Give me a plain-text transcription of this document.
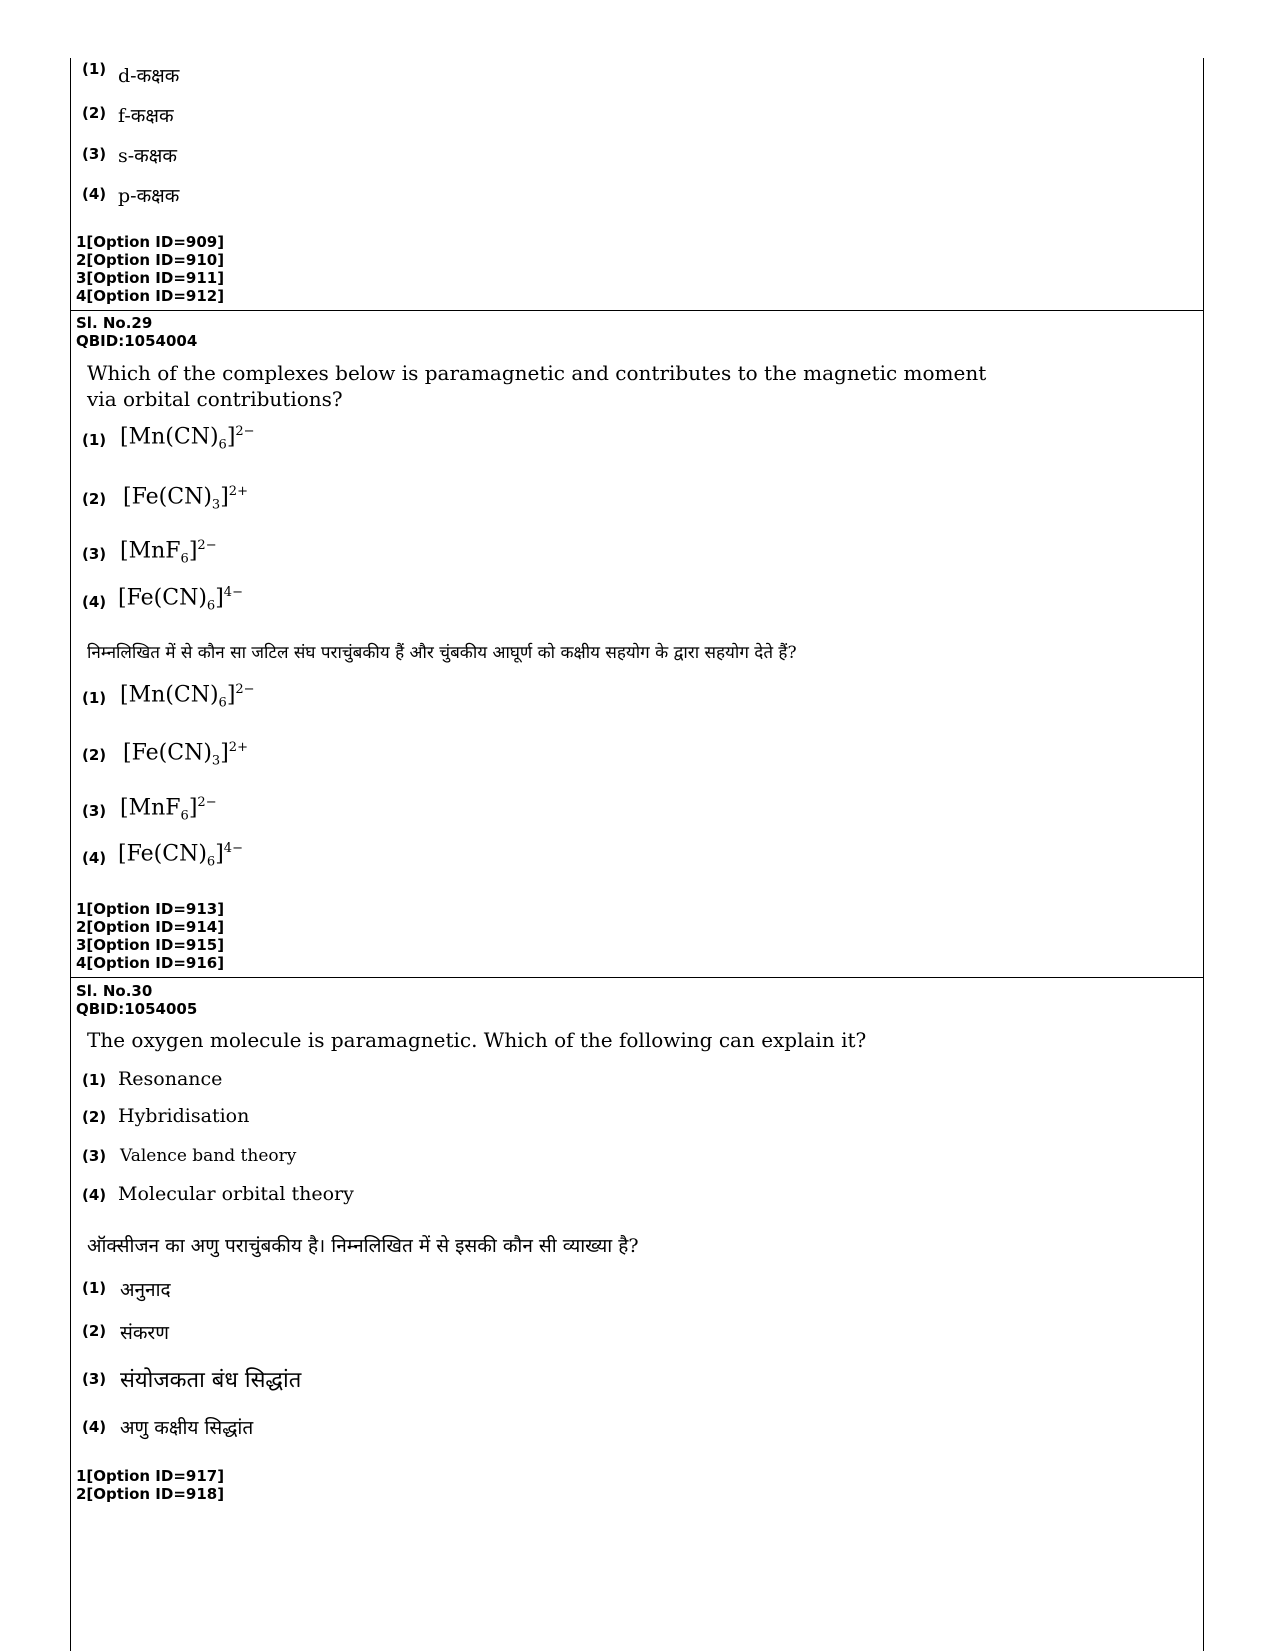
(1) d-कक्षक
(2) f-कक्षक
(3) s-कक्षक
(4) p-कक्षक
1[Option ID=909]
2[Option ID=910]
3[Option ID=911]
4[Option ID=912]
Sl. No.29
QBID:1054004
Which of the complexes below is paramagnetic and contributes to the magnetic moment via orbital contributions?
(1) $[Mn(CN)_6]^{2-}$
(2) $[Fe(CN)_3]^{2+}$
(3) $[MnF_6]^{2-}$
(4) $[Fe(CN)_6]^{4-}$
निम्नलिखित में से कौन सा जटिल संघ पराचुंबकीय हैं और चुंबकीय आघूर्ण को कक्षीय सहयोग के द्वारा सहयोग देते हैं?
(1) $[Mn(CN)_6]^{2-}$
(2) $[Fe(CN)_3]^{2+}$
(3) $[MnF_6]^{2-}$
(4) $[Fe(CN)_6]^{4-}$
1[Option ID=913]
2[Option ID=914]
3[Option ID=915]
4[Option ID=916]
Sl. No.30
QBID:1054005
The oxygen molecule is paramagnetic. Which of the following can explain it?
(1) Resonance
(2) Hybridisation
(3) Valence band theory
(4) Molecular orbital theory
ऑक्सीजन का अणु पराचुंबकीय है। निम्नलिखित में से इसकी कौन सी व्याख्या है?
(1) अनुनाद
(2) संकरण
(3) संयोजकता बंध सिद्धांत
(4) अणु कक्षीय सिद्धांत
1[Option ID=917]
2[Option ID=918]
